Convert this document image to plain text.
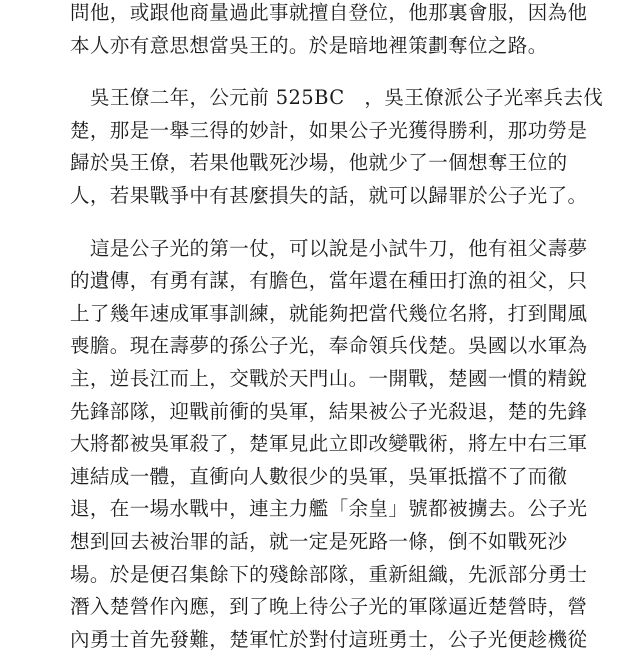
問他，或跟他商量過此事就擅自登位，他那裏會服，因為他
本人亦有意思想當吳王的。於是暗地裡策劃奪位之路。
吳王僚二年，公元前 525BC　，吳王僚派公子光率兵去伐
楚，那是一舉三得的妙計，如果公子光獲得勝利，那功勞是
歸於吳王僚，若果他戰死沙場，他就少了一個想奪王位的
人，若果戰爭中有甚麼損失的話，就可以歸罪於公子光了。
這是公子光的第一仗，可以說是小試牛刀，他有祖父壽夢
的遺傳，有勇有謀，有膽色，當年還在種田打漁的祖父，只
上了幾年速成軍事訓練，就能夠把當代幾位名將，打到聞風
喪膽。現在壽夢的孫公子光，奉命領兵伐楚。吳國以水軍為
主，逆長江而上，交戰於天門山。一開戰，楚國一慣的精銳
先鋒部隊，迎戰前衝的吳軍，結果被公子光殺退，楚的先鋒
大將都被吳軍殺了，楚軍見此立即改變戰術，將左中右三軍
連結成一體，直衝向人數很少的吳軍，吳軍抵擋不了而徹
退，在一場水戰中，連主力艦「余皇」號都被擄去。公子光
想到回去被治罪的話，就一定是死路一條，倒不如戰死沙
場。於是便召集餘下的殘餘部隊，重新組織，先派部分勇士
潛入楚營作內應，到了晚上待公子光的軍隊逼近楚營時，營
內勇士首先發難，楚軍忙於對付這班勇士，公子光便趁機從
